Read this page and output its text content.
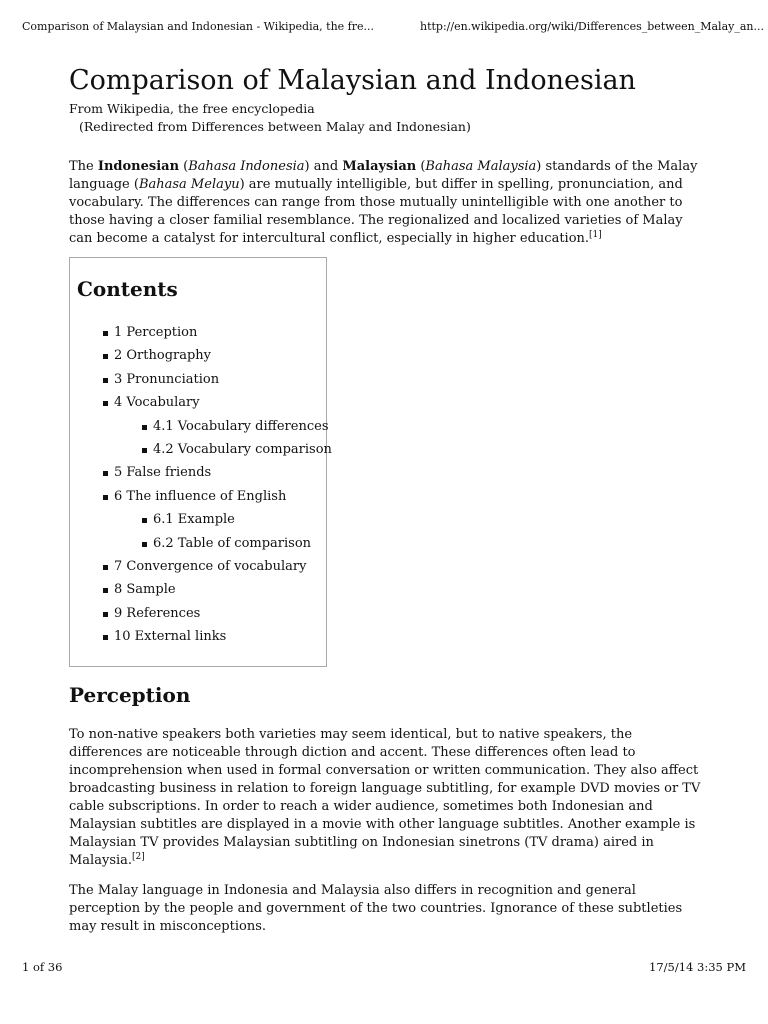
Comparison of Malaysian and Indonesian - Wikipedia, the fre...	http://en.wikipedia.org/wiki/Differences_between_Malay_an...
Comparison of Malaysian and Indonesian

From Wikipedia, the free encyclopedia

(Redirected from Differences between Malay and Indonesian)

The Indonesian (Bahasa Indonesia) and Malaysian (Bahasa Malaysia) standards of the Malay language (Bahasa Melayu) are mutually intelligible, but differ in spelling, pronunciation, and vocabulary. The differences can range from those mutually unintelligible with one another to those having a closer familial resemblance. The regionalized and localized varieties of Malay can become a catalyst for intercultural conflict, especially in higher education.[1]

Contents
1 Perception
2 Orthography
3 Pronunciation
4 Vocabulary
4.1 Vocabulary differences
4.2 Vocabulary comparison
5 False friends
6 The influence of English
6.1 Example
6.2 Table of comparison
7 Convergence of vocabulary
8 Sample
9 References
10 External links
Perception

To non-native speakers both varieties may seem identical, but to native speakers, the differences are noticeable through diction and accent. These differences often lead to incomprehension when used in formal conversation or written communication. They also affect broadcasting business in relation to foreign language subtitling, for example DVD movies or TV cable subscriptions. In order to reach a wider audience, sometimes both Indonesian and Malaysian subtitles are displayed in a movie with other language subtitles. Another example is Malaysian TV provides Malaysian subtitling on Indonesian sinetrons (TV drama) aired in Malaysia.[2]

The Malay language in Indonesia and Malaysia also differs in recognition and general perception by the people and government of the two countries. Ignorance of these subtleties may result in misconceptions.

1 of 36	17/5/14 3:35 PM
